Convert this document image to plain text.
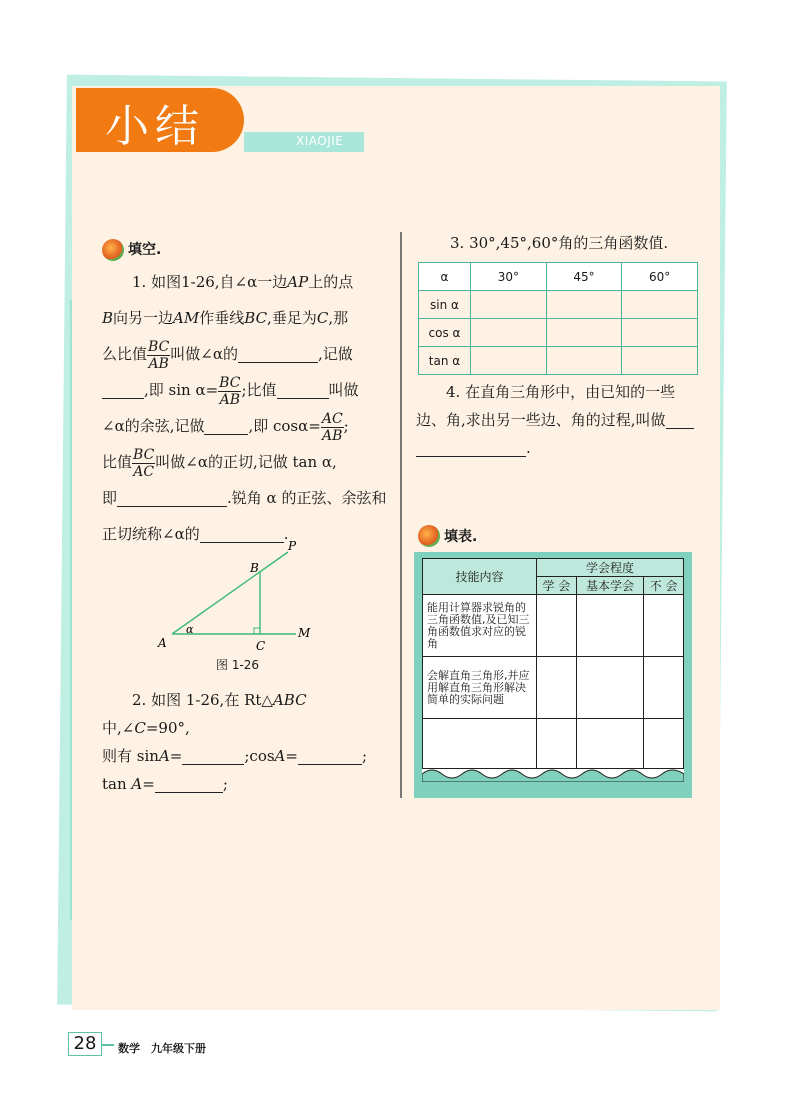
小结	XIAOJIE
填空.
1. 如图1-26,自∠α一边AP上的点
B向另一边AM作垂线BC,垂足为C,那
么比值 $\frac{BC}{AB}$ 叫做∠α的	,记做
,即 $\sin \alpha= \frac{BC}{AB}$ ;比值	叫做
∠α的余弦,记做	,即 $\cos\alpha= \frac{AC}{AB}$ ;
比值 $\frac{BC}{AC}$ 叫做∠α的正切,记做 tan α,
即	.锐角 α 的正弦、余弦和
正切统称∠α的	.
P
B
A	C
M
α
图 1-26
2. 如图 1-26,在 Rt△ABC中,∠C=90°,
则有 sinA=	;cosA=	;
tan A=	;
3. 30°,45°,60°角的三角函数值.
α	30°	45°	60°
sin α			
cos α			
tan α			
4. 在直角三角形中，由已知的一些
边、角,求出另一些边、角的过程,叫做
.
填表.
技能内容	学会程度		
	学 会	基本学会	不 会
能用计算器求锐角的三角函数值,及已知三角函数值求对应的锐角			
会解直角三角形,并应用解直角三角形解决简单的实际问题			

28	数学　九年级下册
